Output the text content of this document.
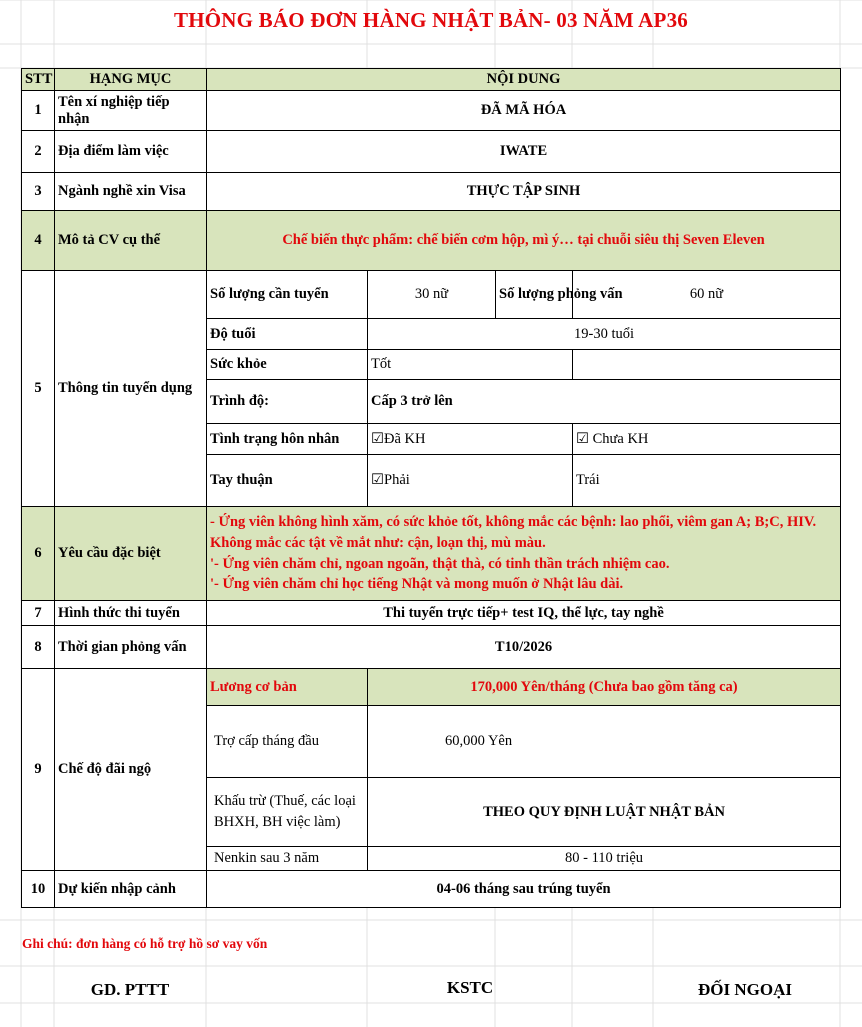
THÔNG BÁO ĐƠN HÀNG NHẬT BẢN- 03 NĂM AP36
STT	HẠNG MỤC	NỘI DUNG			
1	Tên xí nghiệp tiếp nhận	ĐÃ MÃ HÓA			
2	Địa điểm làm việc	IWATE			
3	Ngành nghề xin Visa	THỰC TẬP SINH			
4	Mô tả CV cụ thể	Chế biến thực phẩm: chế biến cơm hộp, mì ý… tại chuỗi siêu thị Seven Eleven			
5	Thông tin tuyển dụng	Số lượng cần tuyển	30 nữ	Số lượng phỏng vấn	60 nữ
		Độ tuổi	19-30 tuổi		
		Sức khỏe	Tốt		
		Trình độ:	Cấp 3 trở lên		
		Tình trạng hôn nhân	☑Đã KH		☑ Chưa KH
		Tay thuận	☑Phải		Trái
6	Yêu cầu đặc biệt	- Ứng viên không hình xăm, có sức khỏe tốt, không mắc các bệnh: lao phổi, viêm gan A; B;C, HIV. Không mắc các tật về mắt như: cận, loạn thị, mù màu.
'- Ứng viên chăm chỉ, ngoan ngoãn, thật thà, có tinh thần trách nhiệm cao.
'- Ứng viên chăm chỉ học tiếng Nhật và mong muốn ở Nhật lâu dài.			

7	Hình thức thi tuyển	Thi tuyển trực tiếp+ test IQ, thể lực, tay nghề			
8	Thời gian phỏng vấn	T10/2026			
9	Chế độ đãi ngộ	Lương cơ bản	170,000 Yên/tháng (Chưa bao gồm tăng ca)		
		Trợ cấp tháng đầu	60,000 Yên		
		Khấu trừ (Thuế, các loại BHXH, BH việc làm)	THEO QUY ĐỊNH LUẬT NHẬT BẢN		
		Nenkin sau 3 năm	80 - 110 triệu		
10	Dự kiến nhập cảnh	04-06 tháng sau trúng tuyển			
Ghi chú: đơn hàng có hỗ trợ hồ sơ vay vốn
GD. PTTT	KSTC	ĐỐI NGOẠI
